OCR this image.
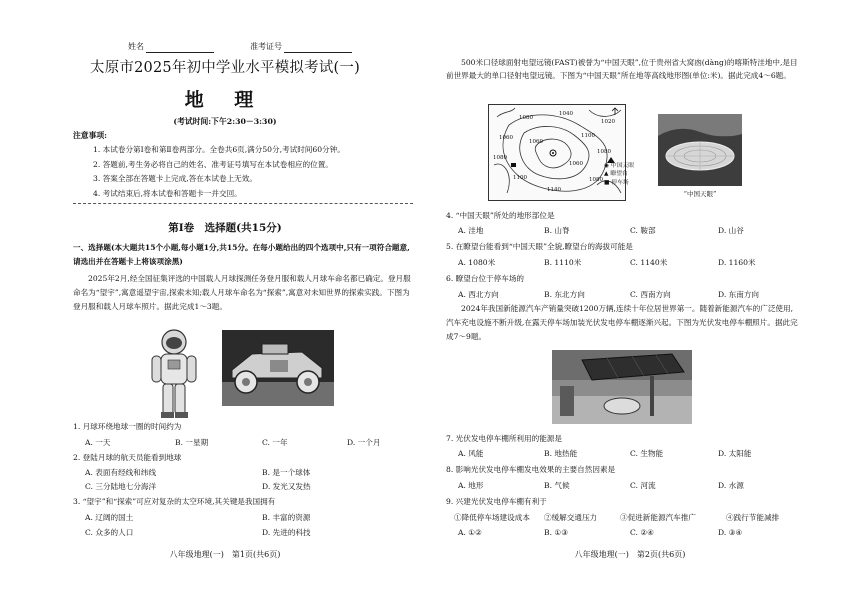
姓名	准考证号
太原市2025年初中学业水平模拟考试(一)
地 理
(考试时间:下午2:30－3:30)
注意事项:
1. 本试卷分第Ⅰ卷和第Ⅱ卷两部分。全卷共6页,满分50分,考试时间60分钟。
2. 答题前,考生务必将自己的姓名、准考证号填写在本试卷相应的位置。
3. 答案全部在答题卡上完成,答在本试卷上无效。
4. 考试结束后,将本试卷和答题卡一并交回。
第Ⅰ卷　选择题(共15分)
一、选择题(本大题共15个小题,每小题1分,共15分。在每小题给出的四个选项中,只有一项符合题意,请选出并在答题卡上将该项涂黑)
2025年2月,经全国征集评选的中国载人月球探测任务登月服和载人月球车命名都已确定。登月服命名为“望宇”,寓意遥望宇宙,探索未知;载人月球车命名为“探索”,寓意对未知世界的探索实践。下图为登月服和载人月球车照片。据此完成1～3题。
1. 月球环绕地球一圈的时间约为
A. 一天	B. 一星期	C. 一年	D. 一个月
2. 登陆月球的航天员能看到地球
A. 表面有经线和纬线	B. 是一个球体
C. 三分陆地七分海洋	D. 发光又发热
3. “望宇”和“探索”可应对复杂的太空环境,其关键是我国拥有
A. 辽阔的国土	B. 丰富的资源
C. 众多的人口	D. 先进的科技
八年级地理(一)　第1页(共6页)
500米口径球面射电望远镜(FAST)被誉为“中国天眼”,位于贵州省大窝凼(dàng)的喀斯特洼地中,是目前世界最大的单口径射电望远镜。下图为“中国天眼”所在地等高线地形图(单位:米)。据此完成4～6题。
1080
1040
1060	1100
1060
1080
1080
1080
1100
1140
1060
1020
◉ 中国天眼
▲ 瞭望台
■ 停车场
“中国天眼”
4. “中国天眼”所处的地形部位是
A. 洼地	B. 山脊	C. 鞍部	D. 山谷
5. 在瞭望台能看到“中国天眼”全貌,瞭望台的海拔可能是
A. 1080米	B. 1110米	C. 1140米	D. 1160米
6. 瞭望台位于停车场的
A. 西北方向	B. 东北方向	C. 西南方向	D. 东南方向
2024年我国新能源汽车产销量突破1200万辆,连续十年位居世界第一。随着新能源汽车的广泛使用,汽车充电设施不断升级,在露天停车场加装光伏发电停车棚逐渐兴起。下图为光伏发电停车棚照片。据此完成7～9题。
7. 光伏发电停车棚所利用的能源是
A. 风能	B. 地热能	C. 生物能	D. 太阳能
8. 影响光伏发电停车棚发电效果的主要自然因素是
A. 地形	B. 气候	C. 河流	D. 水源
9. 兴建光伏发电停车棚有利于
①降低停车场建设成本 ②缓解交通压力	③促进新能源汽车推广	④践行节能减排
A. ①②	B. ①③	C. ②④	D. ③④
八年级地理(一)　第2页(共6页)
